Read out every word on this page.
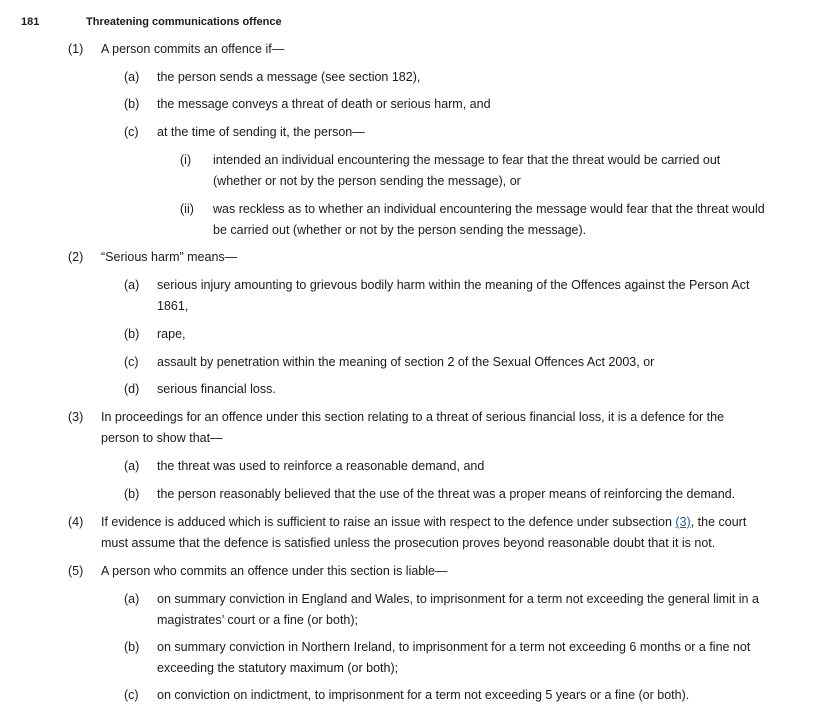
181	Threatening communications offence
(1) A person commits an offence if—
(a) the person sends a message (see section 182),
(b) the message conveys a threat of death or serious harm, and
(c) at the time of sending it, the person—
(i) intended an individual encountering the message to fear that the threat would be carried out
(whether or not by the person sending the message), or
(ii) was reckless as to whether an individual encountering the message would fear that the threat would
be carried out (whether or not by the person sending the message).
(2) “Serious harm” means—
(a) serious injury amounting to grievous bodily harm within the meaning of the Offences against the Person Act
1861,
(b) rape,
(c) assault by penetration within the meaning of section 2 of the Sexual Offences Act 2003, or
(d) serious financial loss.
(3) In proceedings for an offence under this section relating to a threat of serious financial loss, it is a defence for the
person to show that—
(a) the threat was used to reinforce a reasonable demand, and
(b) the person reasonably believed that the use of the threat was a proper means of reinforcing the demand.
(4) If evidence is adduced which is sufficient to raise an issue with respect to the defence under subsection (3), the court
must assume that the defence is satisfied unless the prosecution proves beyond reasonable doubt that it is not.
(5) A person who commits an offence under this section is liable—
(a) on summary conviction in England and Wales, to imprisonment for a term not exceeding the general limit in a
magistrates’ court or a fine (or both);
(b) on summary conviction in Northern Ireland, to imprisonment for a term not exceeding 6 months or a fine not
exceeding the statutory maximum (or both);
(c) on conviction on indictment, to imprisonment for a term not exceeding 5 years or a fine (or both).
